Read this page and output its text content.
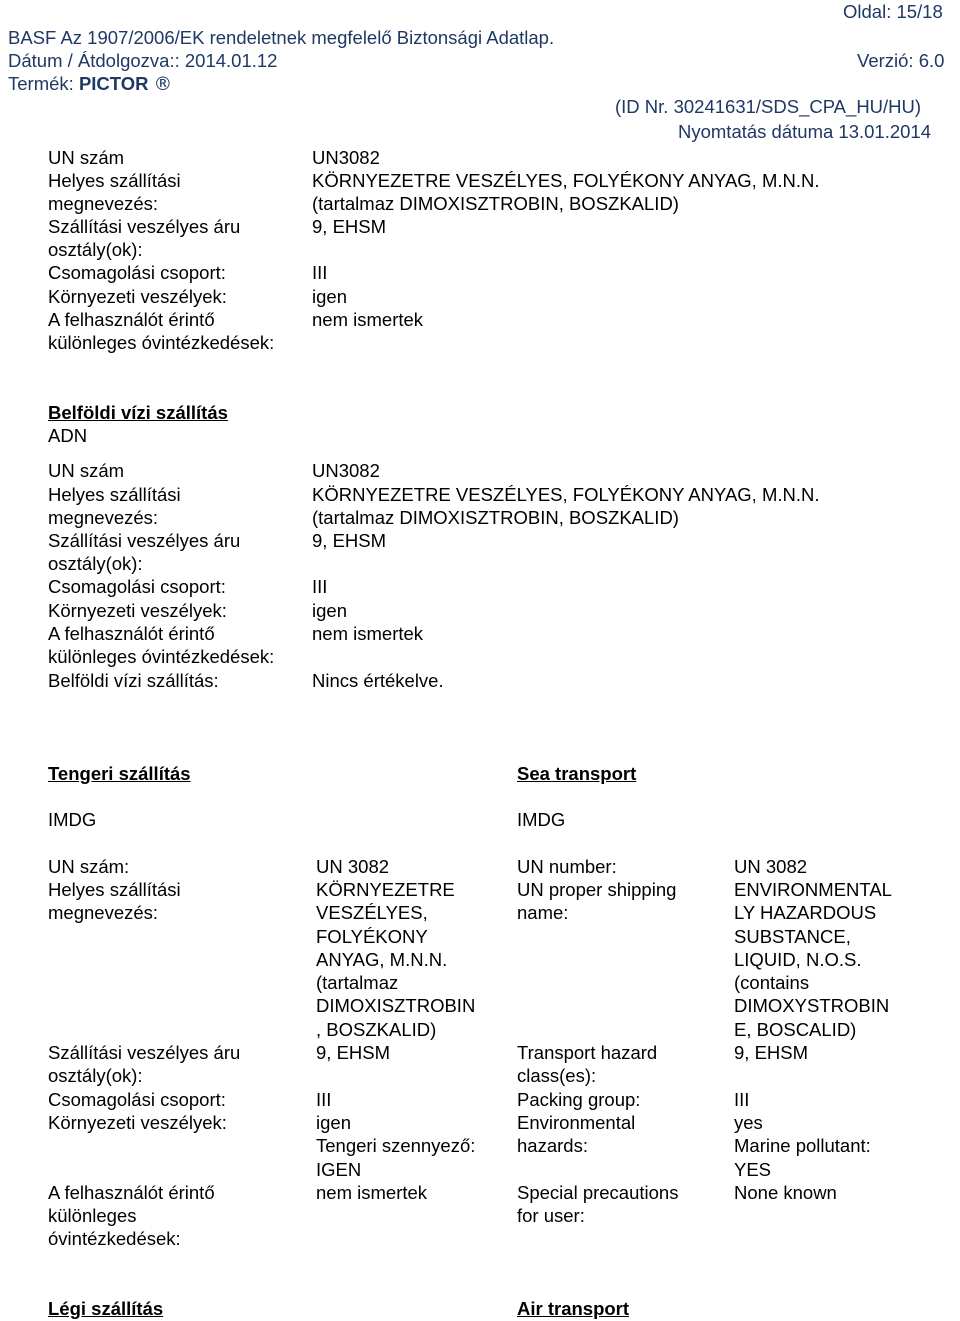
Oldal: 15/18
BASF Az 1907/2006/EK rendeletnek megfelelő Biztonsági Adatlap.
Dátum / Átdolgozva:: 2014.01.12	Verzió: 6.0
Termék: PICTOR ®
(ID Nr. 30241631/SDS_CPA_HU/HU)
Nyomtatás dátuma 13.01.2014
UN szám	UN3082
Helyes szállítási
megnevezés:
KÖRNYEZETRE VESZÉLYES, FOLYÉKONY ANYAG, M.N.N.
(tartalmaz DIMOXISZTROBIN, BOSZKALID)
Szállítási veszélyes áru
osztály(ok):
9, EHSM
Csomagolási csoport:	III
Környezeti veszélyek:	igen
A felhasználót érintő
különleges óvintézkedések:
nem ismertek
Belföldi vízi szállítás
ADN
UN szám	UN3082
Helyes szállítási
megnevezés:
KÖRNYEZETRE VESZÉLYES, FOLYÉKONY ANYAG, M.N.N.
(tartalmaz DIMOXISZTROBIN, BOSZKALID)
Szállítási veszélyes áru
osztály(ok):
9, EHSM
Csomagolási csoport:	III
Környezeti veszélyek:	igen
A felhasználót érintő
különleges óvintézkedések:
nem ismertek
Belföldi vízi szállítás:	Nincs értékelve.
Tengeri szállítás
IMDG
UN szám:	UN 3082
Helyes szállítási
megnevezés:
KÖRNYEZETRE
VESZÉLYES,
FOLYÉKONY
ANYAG, M.N.N.
(tartalmaz
DIMOXISZTROBIN
, BOSZKALID)
Szállítási veszélyes áru
osztály(ok):
9, EHSM
Csomagolási csoport:	III
Környezeti veszélyek:	igen
Tengeri szennyező:
IGEN
A felhasználót érintő
különleges
óvintézkedések:
nem ismertek
Sea transport
IMDG
UN number:	UN 3082
UN proper shipping
name:
ENVIRONMENTAL
LY HAZARDOUS
SUBSTANCE,
LIQUID, N.O.S.
(contains
DIMOXYSTROBIN
E, BOSCALID)
Transport hazard
class(es):
9, EHSM
Packing group:	III
Environmental
hazards:
yes
Marine pollutant:
YES
Special precautions
for user:
None known
Légi szállítás	Air transport
